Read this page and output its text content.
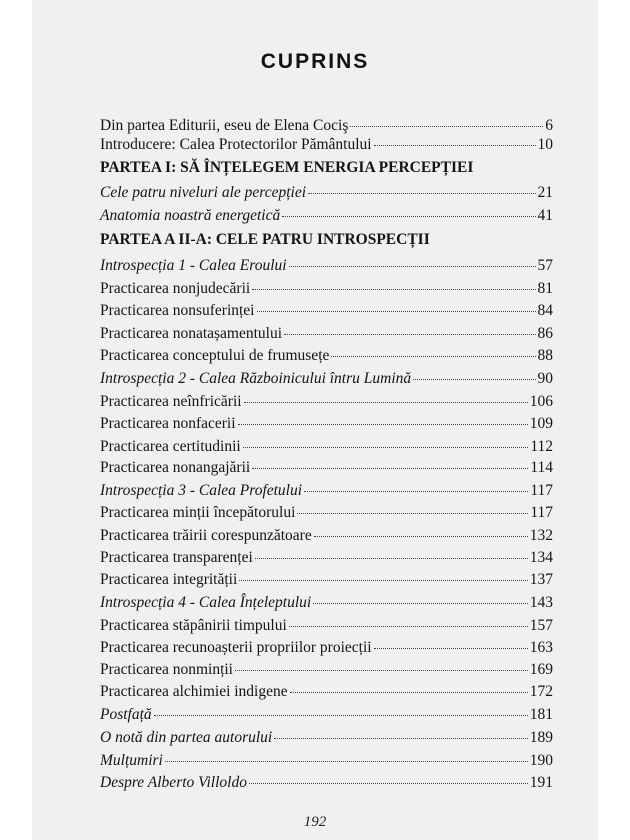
CUPRINS
Din partea Editurii, eseu de Elena Cociş	6
Introducere: Calea Protectorilor Pământului	10
PARTEA I: SĂ ÎNȚELEGEM ENERGIA PERCEPȚIEI
Cele patru niveluri ale percepției	21
Anatomia noastră energetică	41
PARTEA A II-A: CELE PATRU INTROSPECȚII
Introspecția 1 - Calea Eroului	57
Practicarea nonjudecării	81
Practicarea nonsuferinței	84
Practicarea nonatașamentului	86
Practicarea conceptului de frumusețe	88
Introspecția 2 - Calea Războinicului întru Lumină	90
Practicarea neînfricării	106
Practicarea nonfacerii	109
Practicarea certitudinii	112
Practicarea nonangajării	114
Introspecția 3 - Calea Profetului	117
Practicarea minții începătorului	117
Practicarea trăirii corespunzătoare	132
Practicarea transparenței	134
Practicarea integrității	137
Introspecția 4 - Calea Înțeleptului	143
Practicarea stăpânirii timpului	157
Practicarea recunoașterii propriilor proiecții	163
Practicarea nonminții	169
Practicarea alchimiei indigene	172
Postfață	181
O notă din partea autorului	189
Mulțumiri	190
Despre Alberto Villoldo	191
192
